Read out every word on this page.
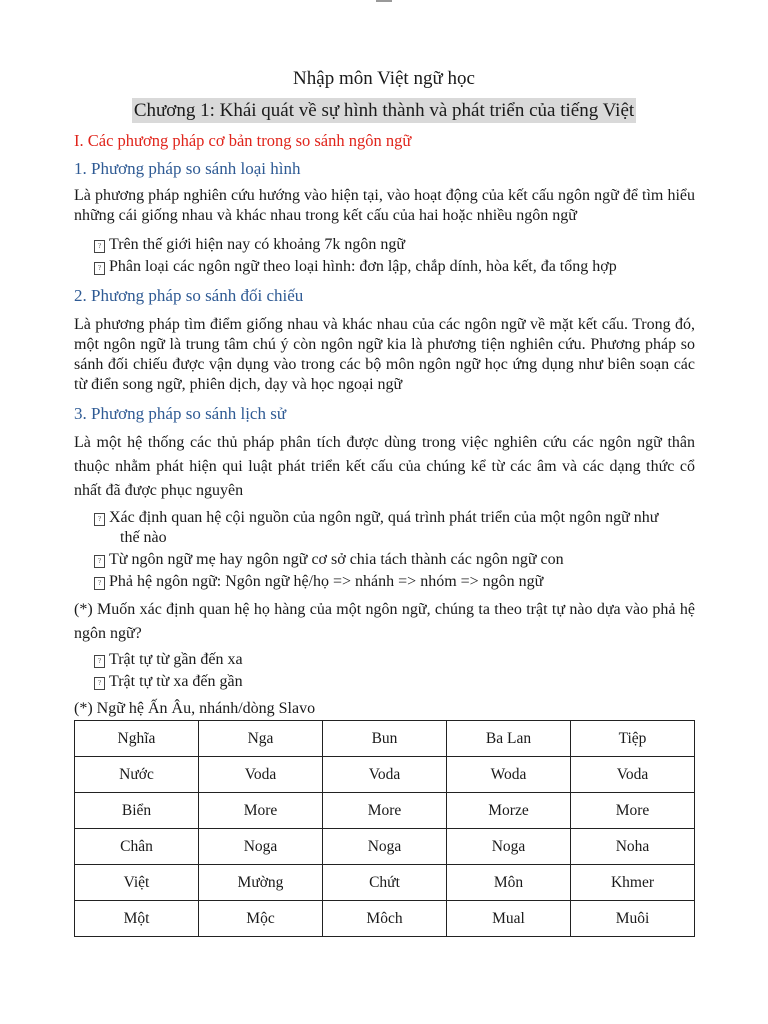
Nhập môn Việt ngữ học
Chương 1: Khái quát về sự hình thành và phát triển của tiếng Việt
I. Các phương pháp cơ bản trong so sánh ngôn ngữ
1. Phương pháp so sánh loại hình
Là phương pháp nghiên cứu hướng vào hiện tại, vào hoạt động của kết cấu ngôn ngữ để tìm hiểu những cái giống nhau và khác nhau trong kết cấu của hai hoặc nhiều ngôn ngữ
? Trên thế giới hiện nay có khoảng 7k ngôn ngữ
? Phân loại các ngôn ngữ theo loại hình: đơn lập, chắp dính, hòa kết, đa tổng hợp
2. Phương pháp so sánh đối chiếu
Là phương pháp tìm điểm giống nhau và khác nhau của các ngôn ngữ về mặt kết cấu. Trong đó, một ngôn ngữ là trung tâm chú ý còn ngôn ngữ kia là phương tiện nghiên cứu. Phương pháp so sánh đối chiếu được vận dụng vào trong các bộ môn ngôn ngữ học ứng dụng như biên soạn các từ điển song ngữ, phiên dịch, dạy và học ngoại ngữ
3. Phương pháp so sánh lịch sử
Là một hệ thống các thủ pháp phân tích được dùng trong việc nghiên cứu các ngôn ngữ thân thuộc nhằm phát hiện qui luật phát triển kết cấu của chúng kể từ các âm và các dạng thức cổ nhất đã được phục nguyên
? Xác định quan hệ cội nguồn của ngôn ngữ, quá trình phát triển của một ngôn ngữ như
thế nào
? Từ ngôn ngữ mẹ hay ngôn ngữ cơ sở chia tách thành các ngôn ngữ con
? Phả hệ ngôn ngữ: Ngôn ngữ hệ/họ => nhánh => nhóm => ngôn ngữ
(*) Muốn xác định quan hệ họ hàng của một ngôn ngữ, chúng ta theo trật tự nào dựa vào phả hệ ngôn ngữ?
? Trật tự từ gần đến xa
? Trật tự từ xa đến gần
(*) Ngữ hệ Ấn Âu, nhánh/dòng Slavo
Nghĩa	Nga	Bun	Ba Lan	Tiệp
Nước	Voda	Voda	Woda	Voda
Biển	More	More	Morze	More
Chân	Noga	Noga	Noga	Noha
Việt	Mường	Chứt	Môn	Khmer
Một	Mộc	Môch	Mual	Muôi
